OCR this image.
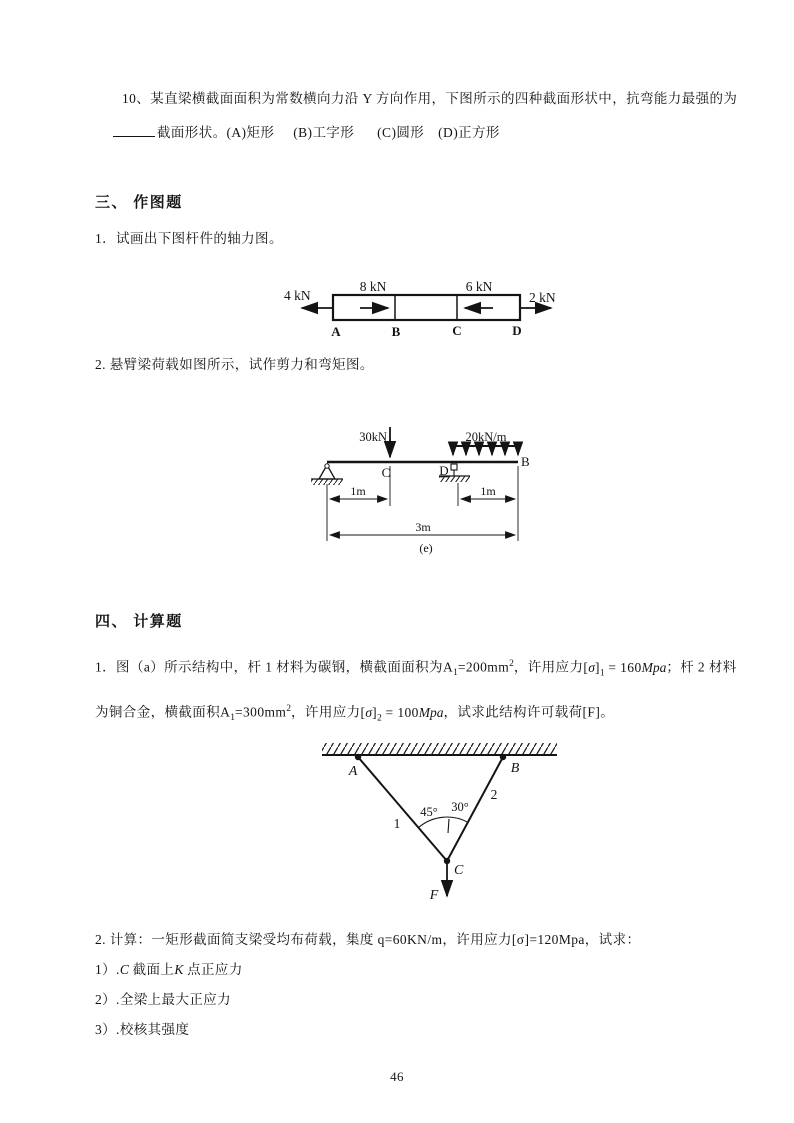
10、某直梁横截面面积为常数横向力沿 Y 方向作用，下图所示的四种截面形状中，抗弯能力最强的为

截面形状。(A)矩形 (B)工字形 (C)圆形 (D)正方形

三、 作图题

1．试画出下图杆件的轴力图。

4 kN
8 kN	6 kN
2 kN
A	B	C	D

2. 悬臂梁荷载如图所示，试作剪力和弯矩图。

30kN	20kN/m
C	D
B
1m	1m
3m
(e)

四、 计算题

1．图（a）所示结构中，杆 1 材料为碳钢，横截面面积为$A_1=200mm^2$，许用应力$[\sigma]_1 = 160Mpa$；杆 2 材料

为铜合金，横截面积$A_1=300mm^2$，许用应力$[\sigma]_2 = 100Mpa$，试求此结构许可载荷[F]。

A	B
C
1
2
45° 30°
F

2. 计算：一矩形截面简支梁受均布荷载，集度 q=60KN/m，许用应力[σ]=120Mpa，试求：

1）.C 截面上K 点正应力

2）.全梁上最大正应力

3）.校核其强度

46
